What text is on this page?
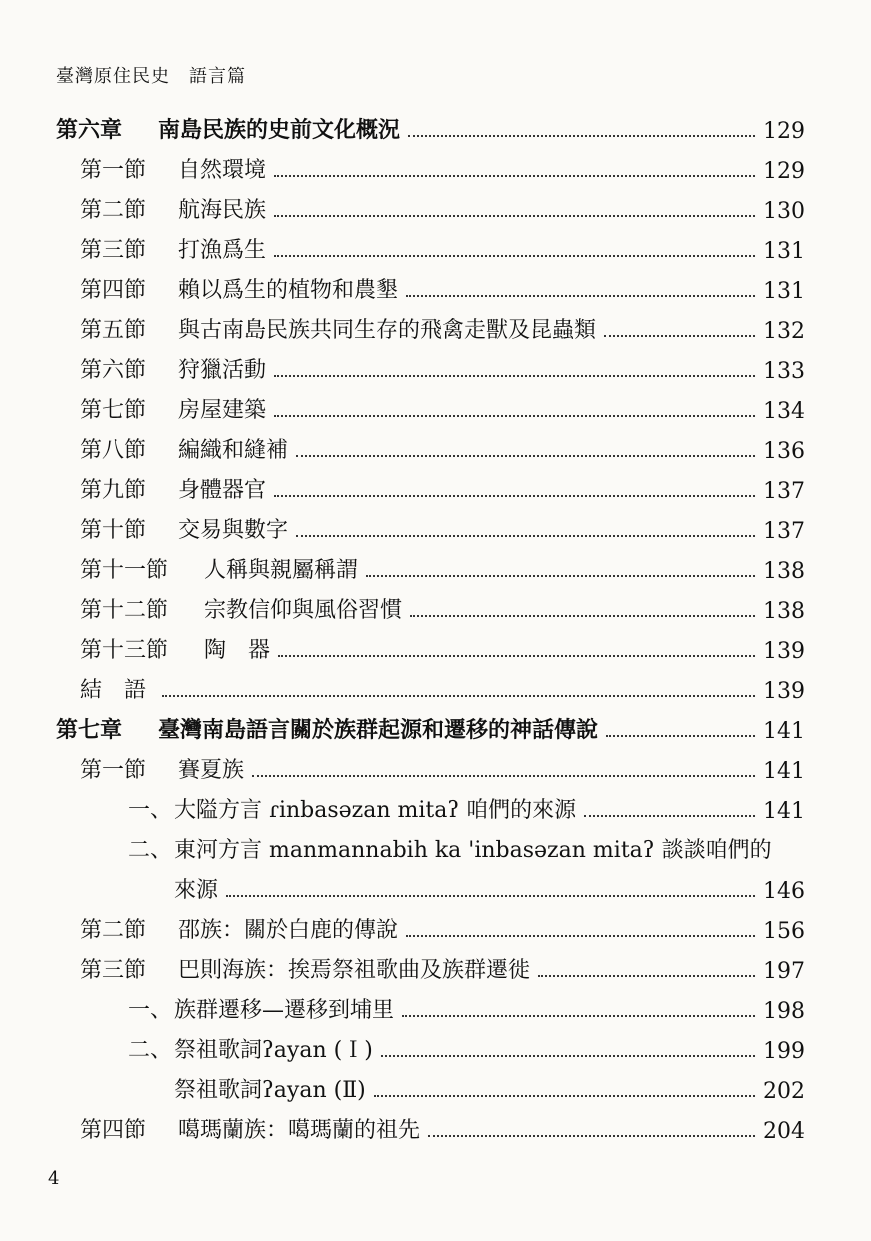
臺灣原住民史　語言篇
第六章	南島民族的史前文化概況	129
第一節	自然環境	129
第二節	航海民族	130
第三節	打漁爲生	131
第四節	賴以爲生的植物和農墾	131
第五節	與古南島民族共同生存的飛禽走獸及昆蟲類	132
第六節	狩獵活動	133
第七節	房屋建築	134
第八節	編織和縫補	136
第九節	身體器官	137
第十節	交易與數字	137
第十一節	人稱與親屬稱謂	138
第十二節	宗教信仰與風俗習慣	138
第十三節	陶　器	139
結　語	139
第七章	臺灣南島語言關於族群起源和遷移的神話傳說	141
第一節	賽夏族	141
一、 大隘方言 ɾinbasəzan mitaʔ 咱們的來源	141
二、 東河方言 manmannabih ka 'inbasəzan mitaʔ 談談咱們的
來源	146
第二節	邵族：關於白鹿的傳說	156
第三節	巴則海族：挨焉祭祖歌曲及族群遷徙	197
一、 族群遷移—遷移到埔里	198
二、 祭祖歌詞ʔayan (Ｉ)	199
祭祖歌詞ʔayan (Ⅱ)	202
第四節	噶瑪蘭族：噶瑪蘭的祖先	204
4
